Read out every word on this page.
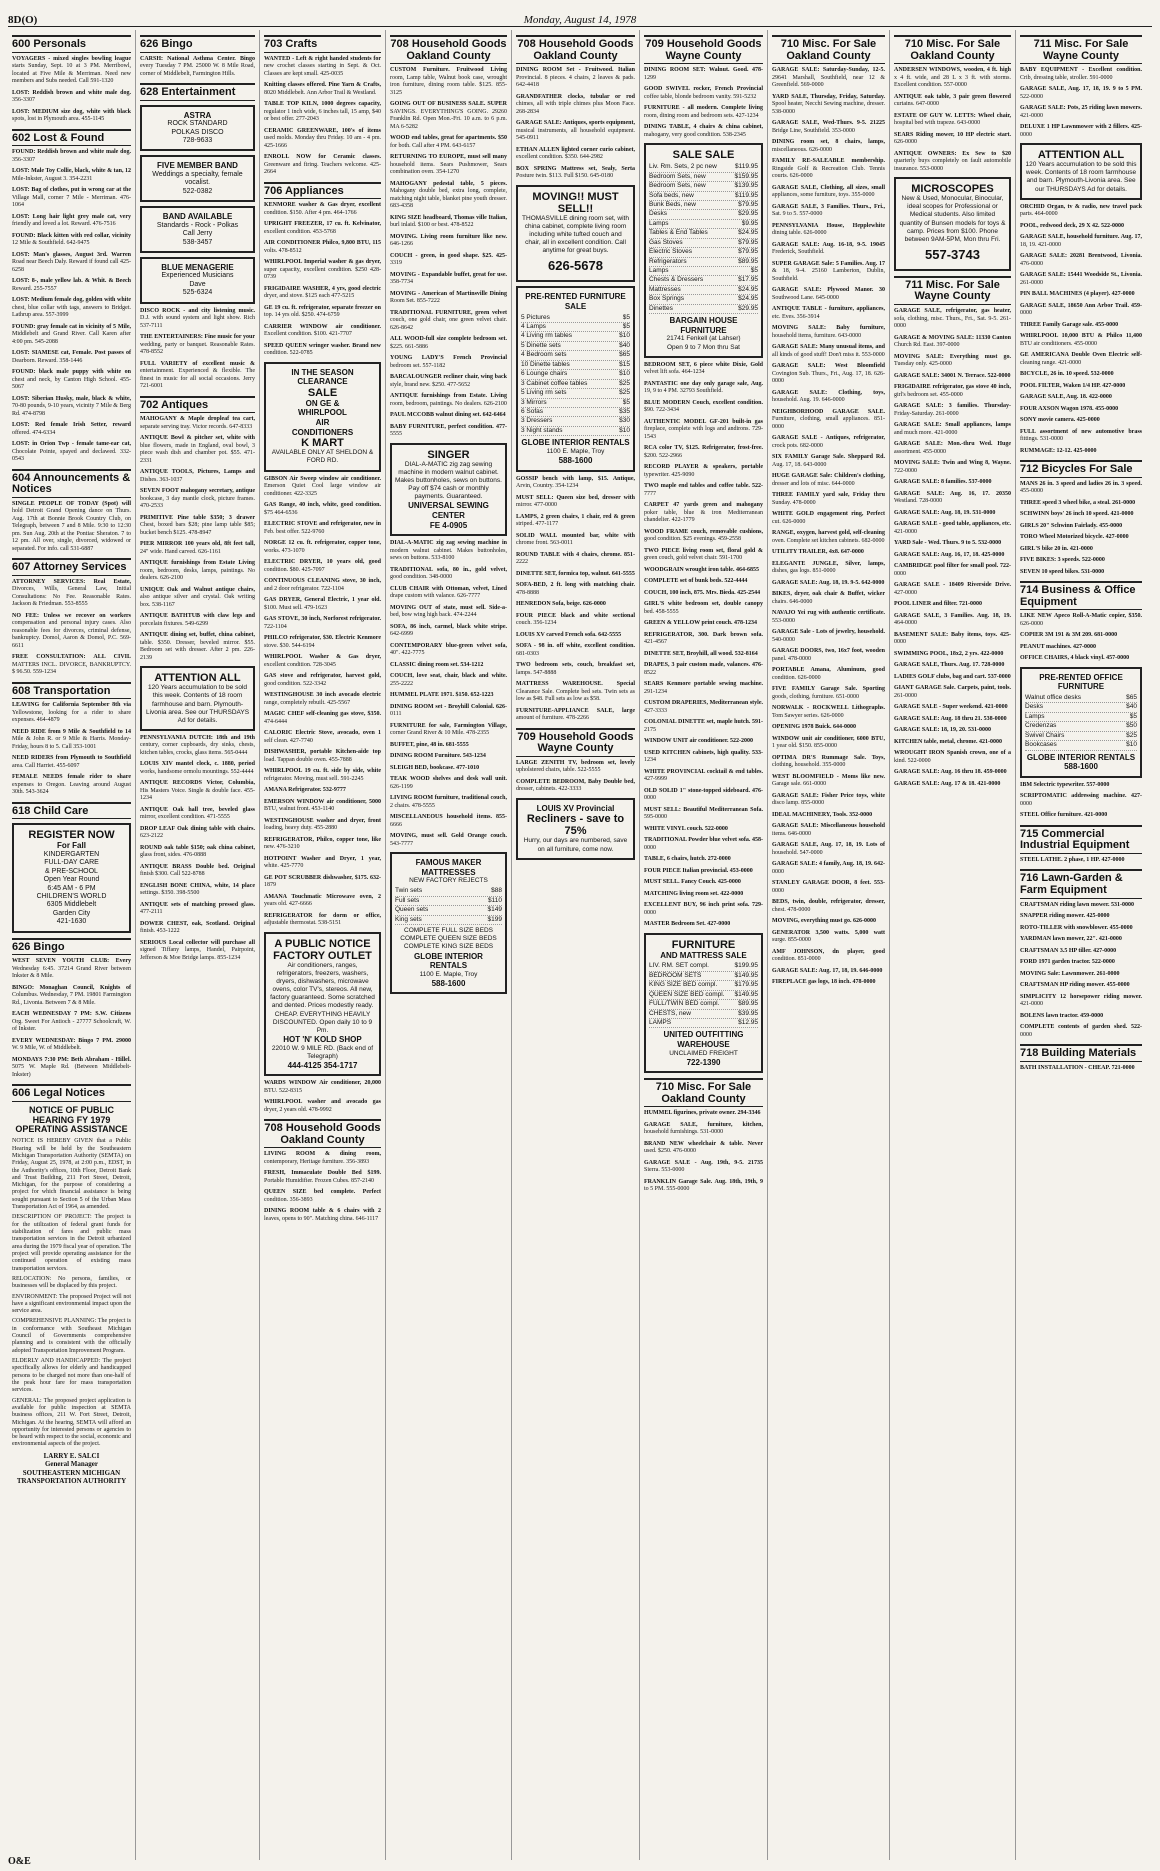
8D(O)	Monday, August 14, 1978
600 Personals

VOYAGERS - mixed singles bowling league starts Sunday, Sept. 10 at 3 PM. Merribowl, located at Five Mile & Merriman. Need new members and Subs needed. Call 591-1320

LOST: Reddish brown and white male dog. 356-3307

LOST: MEDIUM size dog, white with black spots, lost in Plymouth area. 455-1145

602 Lost & Found

FOUND: Reddish brown and white male dog. 356-3307

LOST: Male Toy Collie, black, white & tan, 12 Mile-Inkster, August 3. 354-2231

LOST: Bag of clothes, put in wrong car at the Village Mall, corner 7 Mile - Merriman. 476-1064

LOST: Long hair light grey male cat, very friendly and loved a lot. Reward. 476-7516

FOUND: Black kitten with red collar, vicinity 12 Mile & Southfield. 642-9475

LOST: Man's glasses, August 3rd. Warren Road near Beech Daly. Reward if found call 425-6258

LOST: 8-, male yellow lab. & Whit. & Beech Reward. 255-7557

LOST: Medium female dog, golden with white chest, blue collar with tags, answers to Bridget. Lathrup area. 557-3999

FOUND: gray female cat in vicinity of 5 Mile, Middlebelt and Grand River. Call Karen after 4:00 pm. 545-2088

LOST: SIAMESE cat, Female. Post passes of Dearborn. Reward. 358-1446

FOUND: black male puppy with white on chest and neck, by Canton High School. 455-5067

LOST: Siberian Husky, male, black & white, 70-80 pounds, 9-10 years, vicinity 7 Mile & Berg Rd. 474-8798

LOST: Red female Irish Setter, reward offered. 474-6334

LOST: in Orion Twp - female tame-ear cat, Chocolate Pointe, spayed and declawed. 332-0543

604 Announcements & Notices

SINGLE PEOPLE OF TODAY (Spot) will hold Detroit Grand Opening dance on Thurs. Aug. 17th at Bonnie Brook Country Club, on Telegraph, between 7 and 8 Mile. 9:30 to 12:30 pm. Sun Aug. 20th at the Pontiac Sheraton. 7 to 12 pm. All over, single, divorced, widowed or separated. For info. call 531-6887

607 Attorney Services

ATTORNEY SERVICES: Real Estate, Divorces, Wills, General Law, Initial Consultations: No Fee. Reasonable Rates. Jackson & Friedman. 553-8555

NO FEE: Unless we recover on workers compensation and personal injury cases. Also reasonable fees for divorces, criminal defense, bankruptcy. Domol, Aaron & Domol, P.C. 569-6611

FREE CONSULTATION: ALL CIVIL MATTERS INCL. DIVORCE, BANKRUPTCY. $ 96.50. 559-1234

608 Transportation

LEAVING for California September 8th via Yellowstone, looking for a rider to share expenses. 464-4879

NEED RIDE from 9 Mile & Southfield to 14 Mile & John R. or 9 Mile & Harris. Monday-Friday, hours 8 to 5. Call 353-1001

NEED RIDERS from Plymouth to Southfield area. Call Harriet. 455-6097

FEMALE NEEDS female rider to share expenses to Oregon. Leaving around August 30th. 543-3624

618 Child Care
REGISTER NOW
For Fall
KINDERGARTEN
FULL-DAY CARE
& PRE-SCHOOL
Open Year Round
6:45 AM - 6 PM
CHILDREN'S WORLD
6305 Middlebelt
Garden City
421-1630
626 Bingo

WEST SEVEN YOUTH CLUB: Every Wednesday 6:45. 37214 Grand River between Inkster & 8 Mile.

BINGO: Monaghan Council, Knights of Columbus. Wednesday, 7 PM. 19801 Farmington Rd., Livonia. Between 7 & 8 Mile.

EACH WEDNESDAY 7 PM: S.W. Citizens Org. Sweet For Antioch - 27777 Schoolcraft, W. of Inkster.

EVERY WEDNESDAY: Bingo 7 PM. 29000 W. 9 Mile, W. of Middlebelt.

MONDAYS 7:30 PM: Beth Abraham - Hillel. 5075 W. Maple Rd. (Between Middlebelt-Inkster)

606 Legal Notices
NOTICE OF PUBLIC HEARING FY 1979 OPERATING ASSISTANCE

NOTICE IS HEREBY GIVEN that a Public Hearing will be held by the Southeastern Michigan Transportation Authority (SEMTA) on Friday, August 25, 1978, at 2:00 p.m., EDST, in the Authority's offices, 10th Floor, Detroit Bank and Trust Building, 211 Fort Street, Detroit, Michigan, for the purpose of considering a project for which financial assistance is being sought pursuant to Section 5 of the Urban Mass Transportation Act of 1964, as amended.

DESCRIPTION OF PROJECT: The project is for the utilization of federal grant funds for stabilization of fares and public mass transportation services in the Detroit urbanized area during the 1979 fiscal year of operation. The project will provide operating assistance for the continued operation of existing mass transportation services.

RELOCATION: No persons, families, or businesses will be displaced by this project.

ENVIRONMENT: The proposed Project will not have a significant environmental impact upon the service area.

COMPREHENSIVE PLANNING: The project is in conformance with Southeast Michigan Council of Governments comprehensive planning and is consistent with the officially adopted Transportation Improvement Program.

ELDERLY AND HANDICAPPED: The project specifically allows for elderly and handicapped persons to be charged not more than one-half of the peak hour fare for mass transportation services.

GENERAL: The proposed project application is available for public inspection at SEMTA business offices, 211 W. Fort Street, Detroit, Michigan. At the hearing, SEMTA will afford an opportunity for interested persons or agencies to be heard with respect to the social, economic and environmental aspects of the project.

LARRY E. SALCI
General Manager
SOUTHEASTERN MICHIGAN TRANSPORTATION AUTHORITY
626 Bingo

CARSH: National Asthma Center. Bingo every Tuesday 7 PM. 25000 W. 8 Mile Road, corner of Middlebelt, Farmington Hills.

628 Entertainment
ASTRA
ROCK STANDARD
POLKAS DISCO
728-9633
FIVE MEMBER BAND
Weddings a specialty, female vocalist.
522-0382
BAND AVAILABLE
Standards - Rock - Polkas
Call Jerry
538-3457
BLUE MENAGERIE
Experienced Musicians
Dave
525-6324

DISCO ROCK - and city listening music. D.J. with sound system and light show. Rich 537-7111

THE ENTERTAINERS: Fine music for your wedding, party or banquet. Reasonable Rates. 478-8552

FULL VARIETY of excellent music & entertainment. Experienced & flexible. The finest in music for all social occasions. Jerry 721-6001

702 Antiques

MAHOGANY & Maple dropleaf tea cart, separate serving tray. Victor records. 647-8333

ANTIQUE Bowl & pitcher set, white with blue flowers, made in England, oval bowl, 3 piece wash dish and chamber pot. $55. 471-2331

ANTIQUE TOOLS, Pictures, Lamps and Dishes. 363-1037

SEVEN FOOT mahogany secretary, antique bookcase, 3 day mantle clock, picture frames. 470-2533

PRIMITIVE Pine table $350; 3 drawer Chest, boxed bars $28; pine lamp table $85; bucket bench $125. 478-8947

PIER MIRROR 100 years old, 8ft feet tall, 24" wide. Hand carved. 626-1161

ANTIQUE furnishings from Estate Living room, bedroom, desks, lamps, paintings. No dealers. 626-2100

UNIQUE Oak and Walnut antique chairs, also antique silver and crystal. Oak writing box. 538-1167

ANTIQUE BATHTUB with claw legs and porcelain fixtures. 549-6299

ANTIQUE dining set, buffet, china cabinet, table. $350. Dresser, beveled mirror. $55. Bedroom set with dresser. After 2 pm. 226-2139

ATTENTION ALL
120 Years accumulation to be sold this week. Contents of 18 room farmhouse and barn. Plymouth-Livonia area. See our THURSDAYS Ad for details.

PENNSYLVANIA DUTCH: 18th and 19th century, corner cupboards, dry sinks, chests, kitchen tables, crocks, glass items. 565-0444

LOUIS XIV mantel clock, c. 1880, period works, handsome ormolu mountings. 552-4444

ANTIQUE RECORDS Victor, Columbia, His Masters Voice. Single & double face. 455-1234

ANTIQUE Oak hall tree, beveled glass mirror, excellent condition. 471-5555

DROP LEAF Oak dining table with chairs. 623-2122

ROUND oak table $150; oak china cabinet, glass front, sides. 476-0888

ANTIQUE BRASS Double bed. Original finish $300. Call 522-8788

ENGLISH BONE CHINA, white, 14 place settings. $350. 398-5500

ANTIQUE sets of matching pressed glass. 477-2111

DOWER CHEST, oak, Scotland. Original finish. 453-1222

SERIOUS Local collector will purchase all signed Tiffany lamps, Handel, Pairpoint, Jefferson & Moe Bridge lamps. 855-1234

703 Crafts

WANTED - Left & right handed students for new crochet classes starting in Sept. & Oct. Classes are kept small. 425-0035

Knitting classes offered. Pine Yarn & Crafts, 8020 Middlebelt. Ann Arbor Trail & Westland.

TABLE TOP KILN, 1000 degrees capacity, regulator 1 inch wide, 6 inches tall, 15 amp, $40 or best offer. 277-2043

CERAMIC GREENWARE, 100's of items used molds. Monday thru Friday. 10 am - 4 pm. 425-1666

ENROLL NOW for Ceramic classes. Greenware and firing. Teachers welcome. 425-2664

706 Appliances

KENMORE washer & Gas dryer, excellent condition. $150. After 4 pm. 464-1766

UPRIGHT FREEZER, 17 cu. ft. Kelvinator, excellent condition. 453-5768

AIR CONDITIONER Philco, 9,800 BTU, 115 volts. 478-8512

WHIRLPOOL Imperial washer & gas dryer, super capacity, excellent condition. $250 428-0739

FRIGIDAIRE WASHER, 4 yrs, good electric dryer, and stove. $125 each 477-5215

GE 19 cu. ft. refrigerator, separate freezer on top. 14 yrs old. $250. 474-6759

CARRIER WINDOW air conditioner. Excellent condition. $100. 421-7707

SPEED QUEEN wringer washer. Brand new condition. 522-0785

IN THE SEASON
CLEARANCE
SALE
ON GE &
WHIRLPOOL
AIR
CONDITIONERS
K MART
AVAILABLE ONLY AT SHELDON & FORD RD.

GIBSON Air Sweep window air conditioner. Emerson Quiet Cool large window air conditioner. 422-3325

GAS Range, 40 inch, white, good condition. $75 464-6536

ELECTRIC STOVE and refrigerator, new in Feb. best offer. 522-9760

NORGE 12 cu. ft. refrigerator, copper tone, works. 473-1070

ELECTRIC DRYER, 10 years old, good condition. $80. 425-7097

CONTINUOUS CLEANING stove, 30 inch, and 2 door refrigerator. 722-1104

GAS DRYER, General Electric, 1 year old. $100. Must sell. 479-1623

GAS STOVE, 30 inch, Norforest refrigerator. 722-1104

PHILCO refrigerator, $30. Electric Kenmore stove. $30. 544-6194

WHIRLPOOL Washer & Gas dryer, excellent condition. 728-3045

GAS stove and refrigerator, harvest gold, good condition. 522-3342

WESTINGHOUSE 30 inch avocado electric range, completely rebuilt. 425-5567

MAGIC CHEF self-cleaning gas stove, $350. 474-6444

CALORIC Electric Stove, avocado, oven 1 self clean. 427-7740

DISHWASHER, portable Kitchen-aide top load. Tappan double oven. 455-7888

WHIRLPOOL 19 cu. ft. side by side, white refrigerator. Moving, must sell. 591-2245

AMANA Refrigerator. 532-9777

EMERSON WINDOW air conditioner, 5000 BTU, walnut front. 453-1140

WESTINGHOUSE washer and dryer, front loading, heavy duty. 455-2880

REFRIGERATOR, Philco, copper tone, like new. 476-3210

HOTPOINT Washer and Dryer, 1 year, white. 425-7770

GE POT SCRUBBER dishwasher, $175. 632-1879

AMANA Touchmatic Microwave oven, 2 years old. 427-6666

REFRIGERATOR for dorm or office, adjustable thermostat. 538-5151

A PUBLIC NOTICE FACTORY OUTLET
Air conditioners, ranges, refrigerators, freezers, washers, dryers, dishwashers, microwave ovens, color TV's, stereos. All new, factory guaranteed. Some scratched and dented. Prices modestly ready. CHEAP. EVERYTHING HEAVILY DISCOUNTED. Open daily 10 to 9 Pm.
HOT 'N' KOLD SHOP
22010 W. 9 MILE RD. (Back end of Telegraph)
444-4125 354-1717

WARDS WINDOW Air conditioner, 20,000 BTU. 522-8315

WHIRLPOOL washer and avocado gas dryer, 2 years old. 478-9992

708 Household Goods Oakland County

LIVING ROOM & dining room, contemporary, Heritage furniture. 356-3893

FRESH, Immaculate Double Bed $199. Portable Humidifier. Frozen Cubes. 857-2140

QUEEN SIZE bed complete. Perfect condition. 356-3893

DINING ROOM table & 6 chairs with 2 leaves, opens to 90". Matching china. 646-1117

708 Household Goods Oakland County

CUSTOM Furniture. Fruitwood Living room, Lamp table, Walnut book case, wrought iron furniture, dining room table. $125. 855-3125

GOING OUT OF BUSINESS SALE. SUPER SAVINGS. EVERYTHING'S GOING. 29260 Franklin Rd. Open Mon.-Fri. 10 a.m. to 6 p.m. MA 6-5282

WOOD end tables, great for apartments. $50 for both. Call after 4 PM. 643-6157

RETURNING TO EUROPE, must sell many household items. Sears Pushmower, Sears combination oven. 354-1270

MAHOGANY pedestal table, 5 pieces. Mahogany double bed, extra long, complete, matching night table, blanket pine youth dresser. 683-4358

KING SIZE headboard, Thomas ville Italian, burl inlaid. $100 or best. 478-8522

MOVING. Living room furniture like new. 646-1266

COUCH - green, in good shape. $25. 425-3319

MOVING - Expandable buffet, great for use. 358-7734

MOVING - American of Martinsville Dining Room Set. 855-7222

TRADITIONAL FURNITURE, green velvet couch, one gold chair, one green velvet chair. 626-8642

ALL WOOD-full size complete bedroom set. $225. 661-5886

YOUNG LADY'S French Provincial bedroom set. 557-1182

BARCALOUNGER recliner chair, wing back style, brand new. $250. 477-5652

ANTIQUE furnishings from Estate. Living room, bedroom, paintings. No dealers. 626-2100

PAUL MCCOBB walnut dining set. 642-6464

BABY FURNITURE, perfect condition. 477-5555

SINGER
DIAL-A-MATIC zig zag sewing machine in modern walnut cabinet. Makes buttonholes, sews on buttons. Pay off $74 cash or monthly payments. Guaranteed.
UNIVERSAL SEWING CENTER
FE 4-0905

DIAL-A-MATIC zig zag sewing machine in modern walnut cabinet. Makes buttonholes, sews on buttons. 533-8100

TRADITIONAL sofa, 80 in., gold velvet, good condition. 348-0000

CLUB CHAIR with Ottoman, velvet, Lined drape custom with valance. 626-7777

MOVING OUT of state, must sell. Side-a-bed, bow wing high back. 474-2244

SOFA, 86 inch, carmel, black white stripe. 642-6999

CONTEMPORARY blue-green velvet sofa, 40". 422-7775

CLASSIC dining room set. 534-1212

COUCH, love seat, chair, black and white. 255-2222

HUMMEL PLATE 1971. $150. 652-1223

DINING ROOM set - Broyhill Colonial. 626-0111

FURNITURE for sale, Farmington Village, corner Grand River & 10 Mile. 478-2355

BUFFET, pine, 48 in. 681-5555

DINING ROOM Furniture. 543-1234

SLEIGH BED, bookcase. 477-1010

TEAK WOOD shelves and desk wall unit. 626-1199

LIVING ROOM furniture, traditional couch, 2 chairs. 478-5555

MISCELLANEOUS household items. 855-6666

MOVING, must sell. Gold Orange couch. 543-7777

FAMOUS MAKER MATTRESSES
NEW FACTORY REJECTS
Twin sets	$88
Full sets	$110
Queen sets	$149
King sets	$199
COMPLETE FULL SIZE BEDS
COMPLETE QUEEN SIZE BEDS
COMPLETE KING SIZE BEDS
GLOBE INTERIOR RENTALS
1100 E. Maple, Troy
588-1600
708 Household Goods Oakland County

DINING ROOM Set - Fruitwood. Italian Provincial. 8 pieces. 4 chairs, 2 leaves & pads. 642-4418

GRANDFATHER clocks, tubular or rod chimes, all with triple chimes plus Moon Face. 268-2834

GARAGE SALE: Antiques, sports equipment, musical instruments, all household equipment. 545-0911

ETHAN ALLEN lighted corner curio cabinet, excellent condition. $350. 644-2982

BOX SPRING Mattress set, Sealy, Serta Posture twin. $113. Full $150. 645-0180

MOVING!! MUST SELL!!
THOMASVILLE dining room set, with china cabinet, complete living room including white tufted couch and chair, all in excellent condition. Call anytime for great buys.
626-5678
PRE-RENTED FURNITURE SALE
5 Pictures	$5
4 Lamps	$5
4 Living rm tables	$10
5 Dinette sets	$40
4 Bedroom sets	$65
10 Dinette tables	$15
6 Lounge chairs	$10
3 Cabinet coffee tables	$25
5 Living rm sets	$25
3 Mirrors	$5
6 Sofas	$35
3 Dressers	$30
3 Night stands	$10
GLOBE INTERIOR RENTALS
1100 E. Maple, Troy
588-1600

GOSSIP bench with lamp, $15. Antique, Arvin, Country. 354-1234

MUST SELL: Queen size bed, dresser with mirror. 477-0000

LAMPS, 2 green chairs, 1 chair, red & green striped. 477-1177

SOLID WALL mounted bar, white with chrome front. 563-0011

ROUND TABLE with 4 chairs, chrome. 851-2222

DINETTE SET, formica top, walnut. 641-5555

SOFA-BED, 2 ft. long with matching chair. 478-8888

HENREDON Sofa, beige. 626-0000

FOUR PIECE black and white sectional couch. 356-1234

LOUIS XV carved French sofa. 642-5555

SOFA - 98 in. off white, excellent condition. 681-0303

TWO bedroom sets, couch, breakfast set, lamps. 547-8888

MATTRESS WAREHOUSE. Special Clearance Sale. Complete bed sets. Twin sets as low as $48. Full sets as low as $58.

FURNITURE-APPLIANCE SALE, large amount of furniture. 478-2266

709 Household Goods Wayne County

LARGE ZENITH TV, bedroom set, lovely upholstered chairs, table. 522-5555

COMPLETE BEDROOM, Baby Double bed, dresser, cabinets. 422-3333

LOUIS XV Provincial
Recliners - save to 75%
Hurry, our days are numbered, save on all furniture, come now.
709 Household Goods Wayne County

DINING ROOM SET: Walnut. Good. 478-1299

GOOD SWIVEL rocker, French Provincial coffee table, blonde bedroom vanity. 591-5232

FURNITURE - all modern. Complete living room, dining room and bedroom sets. 427-1234

DINING TABLE, 4 chairs & china cabinet, mahogany, very good condition. 538-2345

SALE SALE
Liv. Rm. Sets, 2 pc new	$119.95
Bedroom Sets, new	$159.95
Bedroom Sets, new	$139.95
Sofa beds, new	$119.95
Bunk Beds, new	$79.95
Desks	$29.95
Lamps	$9.95
Tables & End Tables	$24.95
Gas Stoves	$79.95
Electric Stoves	$79.95
Refrigerators	$89.95
Lamps	$5
Chests & Dressers	$17.95
Mattresses	$24.95
Box Springs	$24.95
Dinettes	$29.95
BARGAIN HOUSE FURNITURE
21741 Fenkell (at Lahser)
Open 9 to 7 Mon thru Sat

BEDROOM SET, 6 piece white Dixie, Gold velvet lift sofa. 464-1234

PANTASTIC one day only garage sale, Aug. 19, 9 to 4 PM. 32793 Southfield.

BLUE MODERN Couch, excellent condition. $90. 722-3434

AUTHENTIC MODEL GF-201 built-in gas fireplace, complete with logs and andirons. 729-1543

RCA color TV, $125. Refrigerator, frost-free. $200. 522-2966

RECORD PLAYER & speakers, portable typewriter. 425-9090

TWO maple end tables and coffee table. 522-7777

CARPET 47 yards green and mahogany poker table, blue & iron Mediterranean chandelier. 422-1779

WOOD FRAME couch, removable cushions, good condition. $25 evenings. 459-2558

TWO PIECE living room set, floral gold & green couch, gold velvet chair. 591-1700

WOODGRAIN wrought iron table. 464-6855

COMPLETE set of bunk beds. 522-4444

COUCH, 100 inch, 875. Mrs. Bieda. 425-2544

GIRL'S white bedroom set, double canopy bed. 458-5555

GREEN & YELLOW print couch. 478-1234

REFRIGERATOR, 300. Dark brown sofa. 421-4567

DINETTE SET, Broyhill, all wood. 532-8164

DRAPES, 3 pair custom made, valances. 476-8522

SEARS Kenmore portable sewing machine. 291-1234

CUSTOM DRAPERIES, Mediterranean style. 427-3333

COLONIAL DINETTE set, maple hutch. 591-2175

WINDOW UNIT air conditioner. 522-2000

USED KITCHEN cabinets, high quality. 533-1234

WHITE PROVINCIAL cocktail & end tables. 427-9999

OLD SOLID 1" stone-topped sideboard. 476-0000

MUST SELL: Beautiful Mediterranean Sofa. 595-0000

WHITE VINYL couch. 522-0000

TRADITIONAL Powder blue velvet sofa. 458-0000

TABLE, 6 chairs, hutch. 272-0000

FOUR PIECE Italian provincial. 453-0000

MUST SELL. Fancy Couch. 425-0000

MATCHING living room set. 422-0000

EXCELLENT BUY, 96 inch print sofa. 729-0000

MASTER Bedroom Set. 427-0000

FURNITURE
AND MATTRESS SALE
LIV. RM. SET compl.	$199.95
BEDROOM SETS	$149.95
KING SIZE BED compl.	$179.95
QUEEN SIZE BED compl. $149.95
FULL/TWIN BED compl.	$89.95
CHESTS, new	$39.95
LAMPS	$12.95
UNITED OUTFITTING WAREHOUSE
UNCLAIMED FREIGHT
722-1390
710 Misc. For Sale Oakland County

HUMMEL figurines, private owner. 294-3346

GARAGE SALE, furniture, kitchen, household furnishings. 531-0000

BRAND NEW wheelchair & table. Never used. $250. 476-0000

GARAGE SALE - Aug. 19th, 9-5. 21735 Sierra. 553-0000

FRANKLIN Garage Sale. Aug. 18th, 19th, 9 to 5 PM. 555-0000

710 Misc. For Sale Oakland County

GARAGE SALE: Saturday-Sunday, 12-5. 29641 Marshall, Southfield, near 12 & Greenfield. 569-0000

YARD SALE, Thursday, Friday, Saturday. Spool heater, Necchi Sewing machine, dresser. 538-0000

GARAGE SALE, Wed-Thurs. 9-5. 21225 Bridge Line, Southfield. 353-0000

DINING room set, 8 chairs, lamps, miscellaneous. 626-0000

FAMILY RE-SALEABLE membership. Ringside Golf & Recreation Club. Tennis courts. 626-0000

GARAGE SALE, Clothing, all sizes, small appliances, some furniture, toys. 355-0000

GARAGE SALE, 3 Families. Thurs., Fri., Sat. 9 to 5. 557-0000

PENNSYLVANIA House, Hepplewhite dining table. 626-0000

GARAGE SALE: Aug. 16-18, 9-5. 19045 Frederick, Southfield.

SUPER GARAGE Sale: 5 Families. Aug. 17 & 18, 9-4. 25160 Lamberton, Dublin, Southfield.

GARAGE SALE: Plywood Manor. 30 Southwood Lane. 645-0000

ANTIQUE TABLE - furniture, appliances, etc. Eves. 356-3914

MOVING SALE: Baby furniture, household items, furniture. 643-0000

GARAGE SALE: Many unusual items, and all kinds of good stuff! Don't miss it. 553-0000

GARAGE SALE: West Bloomfield Covington Sub. Thurs., Fri., Aug. 17, 18. 626-0000

GARAGE SALE: Clothing, toys, household. Aug. 19. 646-0000

NEIGHBORHOOD GARAGE SALE. Furniture, clothing, small appliances. 851-0000

GARAGE SALE - Antiques, refrigerator, crock pots. 682-0000

SIX FAMILY Garage Sale. Sheppard Rd. Aug. 17, 18. 643-0000

HUGE GARAGE Sale: Children's clothing, dresser and lots of misc. 644-0000

THREE FAMILY yard sale, Friday thru Sunday. 478-0000

WHITE GOLD engagement ring, Perfect cut. 626-0000

RANGE, oxygen, harvest gold, self-cleaning oven. Complete set kitchen cabinets. 682-0000

UTILITY TRAILER, 4x8. 647-0000

ELEGANTE JUNGLE, Silver, lamps, dishes, gas logs. 851-0000

GARAGE SALE: Aug. 18, 19. 9-5. 642-0000

BIKES, dryer, oak chair & Buffet, wicker chairs. 646-0000

NAVAJO Yei rug with authentic certificate. 553-0000

GARAGE Sale - Lots of jewelry, household. 540-0000

GARAGE DOORS, two, 16x7 foot, wooden panel. 478-0000

PORTABLE Amana, Aluminum, good condition. 626-0000

FIVE FAMILY Garage Sale. Sporting goods, clothing, furniture. 651-0000

NORWALK - ROCKWELL Lithographs. Tom Sawyer series. 626-0000

OPENING 1978 Buick. 644-0000

WINDOW unit air conditioner, 6000 BTU, 1 year old. $150. 855-0000

OPTIMA DR'S Rummage Sale. Toys, clothing, household. 355-0000

WEST BLOOMFIELD - Moms like new. Garage sale. 661-0000

GARAGE SALE: Fisher Price toys, white disco lamp. 855-0000

IDEAL MACHINERY, Tools. 352-0000

GARAGE SALE: Miscellaneous household items. 646-0000

GARAGE SALE, Aug. 17, 18, 19. Lots of household. 547-0000

GARAGE SALE: 4 family, Aug. 18, 19. 642-0000

STANLEY GARAGE DOOR, 8 feet. 553-0000

BEDS, twin, double, refrigerator, dresser, chest. 478-0000

MOVING, everything must go. 626-0000

GENERATOR 3,500 watts. 5,000 watt surge. 855-0000

AMF JOHNSON, dn player, good condition. 851-0000

GARAGE SALE: Aug. 17, 18, 19. 646-0000

FIREPLACE gas logs, 18 inch. 478-0000

710 Misc. For Sale Oakland County

ANDERSEN WINDOWS, wooden, 4 ft. high x 4 ft. wide, and 28 L x 3 ft. with storms. Excellent condition. 557-0000

ANTIQUE oak table, 3 pair green flowered curtains. 647-0000

ESTATE OF GUY W. LETTS: Wheel chair, hospital bed with trapeze. 643-0000

SEARS Riding mower, 10 HP electric start. 626-0000

ANTIQUE OWNERS: Ex Sew to $20 quarterly buys completely on fault automobile insurance. 553-0000

MICROSCOPES
New & Used, Monocular, Binocular, ideal scopes for Professional or Medical students. Also limited quantity of Bunsen models for toys & camp. Prices from $100. Phone between 9AM-5PM, Mon thru Fri.
557-3743
711 Misc. For Sale Wayne County

GARAGE SALE, refrigerator, gas heater, sofa, clothing, misc. Thurs., Fri., Sat. 9-5. 261-0000

GARAGE & MOVING SALE: 11330 Canton Church Rd. East. 397-0000

MOVING SALE: Everything must go. Tuesday only. 425-0000

GARAGE SALE: 34001 N. Terrace. 522-0000

FRIGIDAIRE refrigerator, gas stove 40 inch, girl's bedroom set. 455-0000

GARAGE SALE: 3 families. Thursday-Friday-Saturday. 261-0000

GARAGE SALE: Small appliances, lamps and much more. 421-0000

GARAGE SALE: Mon.-thru Wed. Huge assortment. 455-0000

MOVING SALE: Twin and Wing 8, Wayne. 722-0000

GARAGE SALE: 8 families. 537-0000

GARAGE SALE: Aug. 16, 17. 20350 Westland. 728-0000

GARAGE SALE: Aug. 18, 19. 531-0000

GARAGE SALE - good table, appliances, etc. 421-0000

YARD Sale - Wed. Thurs. 9 to 5. 532-0000

GARAGE SALE: Aug. 16, 17, 18. 425-0000

CAMBRIDGE pool filter for small pool. 722-0000

GARAGE SALE - 18409 Riverside Drive. 427-0000

POOL LINER and filter. 721-0000

GARAGE SALE, 3 Families. Aug. 18, 19. 464-0000

BASEMENT SALE: Baby items, toys. 425-0000

SWIMMING POOL, 18x2, 2 yrs. 422-0000

GARAGE SALE, Thurs. Aug. 17. 728-0000

LADIES GOLF clubs, bag and cart. 537-0000

GIANT GARAGE Sale. Carpets, paint, tools. 261-0000

GARAGE SALE - Super weekend. 421-0000

GARAGE SALE: Aug. 18 thru 21. 538-0000

GARAGE SALE: 18, 19, 20. 531-0000

KITCHEN table, metal, chrome. 421-0000

WROUGHT IRON Spanish crown, one of a kind. 522-0000

GARAGE SALE: Aug. 16 thru 18. 459-0000

GARAGE SALE: Aug. 17 & 18. 421-0000

711 Misc. For Sale Wayne County

BABY EQUIPMENT - Excellent condition. Crib, dressing table, stroller. 591-0000

GARAGE SALE, Aug. 17, 18, 19. 9 to 5 PM. 522-0000

GARAGE SALE: Pots, 25 riding lawn mowers. 421-0000

DELUXE 1 HP Lawnmower with 2 fillers. 425-0000

ATTENTION ALL
120 Years accumulation to be sold this week. Contents of 18 room farmhouse and barn. Plymouth-Livonia area. See our THURSDAYS Ad for details.

ORCHID Organ, tv & radio, new travel pack parts. 464-0000

POOL, redwood deck, 29 X 42. 522-0000

GARAGE SALE, household furniture. Aug. 17, 18, 19. 421-0000

GARAGE SALE: 20281 Brentwood, Livonia. 476-0000

GARAGE SALE: 15441 Woodside St., Livonia. 261-0000

PIN BALL MACHINES (4 player). 427-0000

GARAGE SALE, 18650 Ann Arbor Trail. 459-0000

THREE Family Garage sale. 455-0000

WHIRLPOOL 10,000 BTU & Philco 11,400 BTU air conditioners. 455-0000

GE AMERICANA Double Oven Electric self-cleaning range. 421-0000

BICYCLE, 26 in. 10 speed. 532-0000

POOL FILTER, Waken 1/4 HP. 427-0000

GARAGE SALE, Aug. 18. 422-0000

FOUR AXSON Wagon 1978. 455-0000

SONY movie camera. 425-0000

FULL assortment of new automotive brass fittings. 531-0000

RUMMAGE: 12-12. 425-0000

712 Bicycles For Sale

MANS 26 in. 3 speed and ladies 26 in. 3 speed. 455-0000

THREE speed 3 wheel bike, a steal. 261-0000

SCHWINN boys' 26 inch 10 speed. 421-0000

GIRLS 20" Schwinn Fairlady. 455-0000

TORO Wheel Motorized bicycle. 427-0000

GIRL'S bike 20 in. 421-0000

FIVE BIKES: 3 speeds. 522-0000

SEVEN 10 speed bikes. 531-0000

714 Business & Office Equipment

LIKE NEW Apeco Roll-A-Matic copier, $350. 626-0000

COPIER 3M 191 & 3M 209. 681-0000

PEANUT machines. 427-0000

OFFICE CHAIRS, 4 black vinyl. 457-0000

PRE-RENTED OFFICE FURNITURE
Walnut office desks	$65
Desks	$40
Lamps	$5
Credenzas	$50
Swivel Chairs	$25
Bookcases	$10
GLOBE INTERIOR RENTALS
588-1600

IBM Selectric typewriter. 557-0000

SCRIPTOMATIC addressing machine. 427-0000

STEEL Office furniture. 421-0000

715 Commercial Industrial Equipment

STEEL LATHE. 2 phase, 1 HP. 427-0000

716 Lawn-Garden & Farm Equipment

CRAFTSMAN riding lawn mower. 531-0000

SNAPPER riding mower. 425-0000

ROTO-TILLER with snowblower. 455-0000

YARDMAN lawn mower, 22". 421-0000

CRAFTSMAN 3.5 HP tiller. 427-0000

FORD 1971 garden tractor. 522-0000

MOVING Sale: Lawnmower. 261-0000

CRAFTSMAN HP riding mower. 455-0000

SIMPLICITY 12 horsepower riding mower. 421-0000

BOLENS lawn tractor. 459-0000

COMPLETE contents of garden shed. 522-0000

718 Building Materials

BATH INSTALLATION - CHEAP. 721-0000

O&E
